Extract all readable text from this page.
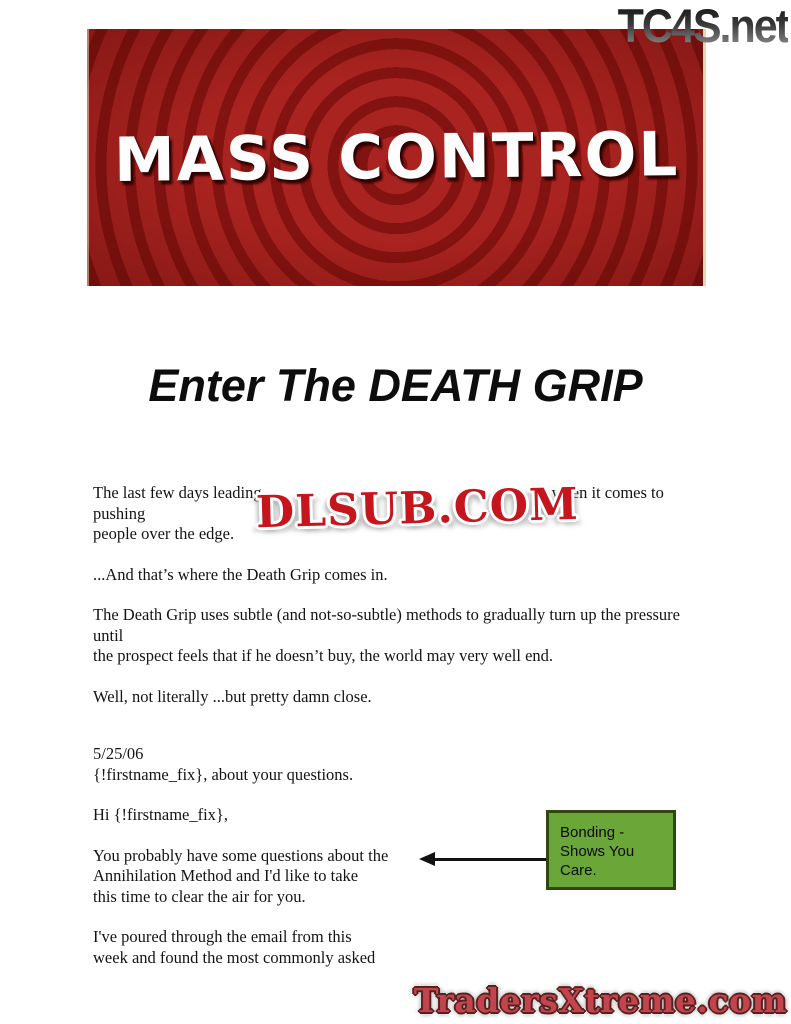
MASS CONTROL
TC4S.net
Enter The DEATH GRIP
DLSUB.COM

The last few days leading	when it comes to pushing
people over the edge.

...And that’s where the Death Grip comes in.

The Death Grip uses subtle (and not-so-subtle) methods to gradually turn up the pressure until
the prospect feels that if he doesn’t buy, the world may very well end.

Well, not literally ...but pretty damn close.

5/25/06
{!firstname_fix}, about your questions.

Hi {!firstname_fix},

You probably have some questions about the
Annihilation Method and I'd like to take
this time to clear the air for you.

I've poured through the email from this
week and found the most commonly asked

Bonding -
Shows You
Care.
TradersXtreme.com
